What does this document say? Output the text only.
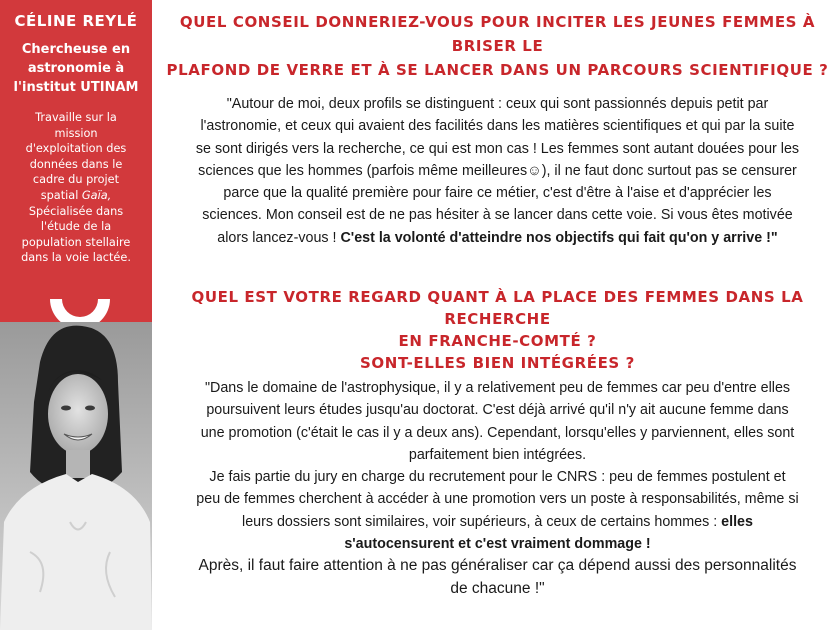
CÉLINE REYLÉ
Chercheuse en
astronomie à
l'institut UTINAM
Travaille sur la
mission
d'exploitation des
données dans le
cadre du projet
spatial Gaïa,
Spécialisée dans
l'étude de la
population stellaire
dans la voie lactée.
QUEL CONSEIL DONNERIEZ-VOUS POUR INCITER LES JEUNES FEMMES À BRISER LE
PLAFOND DE VERRE ET À SE LANCER DANS UN PARCOURS SCIENTIFIQUE ?
"Autour de moi, deux profils se distinguent : ceux qui sont passionnés depuis petit par
l'astronomie, et ceux qui avaient des facilités dans les matières scientifiques et qui par la suite
se sont dirigés vers la recherche, ce qui est mon cas ! Les femmes sont autant douées pour les
sciences que les hommes (parfois même meilleures☺), il ne faut donc surtout pas se censurer
parce que la qualité première pour faire ce métier, c'est d'être à l'aise et d'apprécier les
sciences. Mon conseil est de ne pas hésiter à se lancer dans cette voie. Si vous êtes motivée
alors lancez-vous ! C'est la volonté d'atteindre nos objectifs qui fait qu'on y arrive !"
QUEL EST VOTRE REGARD QUANT À LA PLACE DES FEMMES DANS LA RECHERCHE
EN FRANCHE-COMTÉ ?
SONT-ELLES BIEN INTÉGRÉES ?
"Dans le domaine de l'astrophysique, il y a relativement peu de femmes car peu d'entre elles
poursuivent leurs études jusqu'au doctorat. C'est déjà arrivé qu'il n'y ait aucune femme dans
une promotion (c'était le cas il y a deux ans). Cependant, lorsqu'elles y parviennent, elles sont
parfaitement bien intégrées.
Je fais partie du jury en charge du recrutement pour le CNRS : peu de femmes postulent et
peu de femmes cherchent à accéder à une promotion vers un poste à responsabilités, même si
leurs dossiers sont similaires, voir supérieurs, à ceux de certains hommes : elles
s'autocensurent et c'est vraiment dommage !
Après, il faut faire attention à ne pas généraliser car ça dépend aussi des personnalités
de chacune !"
